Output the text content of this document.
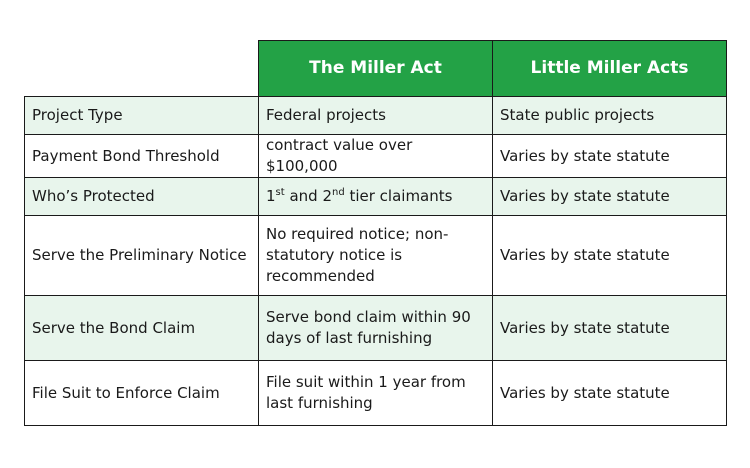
	The Miller Act	Little Miller Acts
Project Type	Federal projects	State public projects
Payment Bond Threshold	contract value over $100,000	Varies by state statute
Who’s Protected	1st and 2nd tier claimants	Varies by state statute
Serve the Preliminary Notice	No required notice; non-statutory notice is recommended	Varies by state statute
Serve the Bond Claim	Serve bond claim within 90 days of last furnishing	Varies by state statute
File Suit to Enforce Claim	File suit within 1 year from last furnishing	Varies by state statute
